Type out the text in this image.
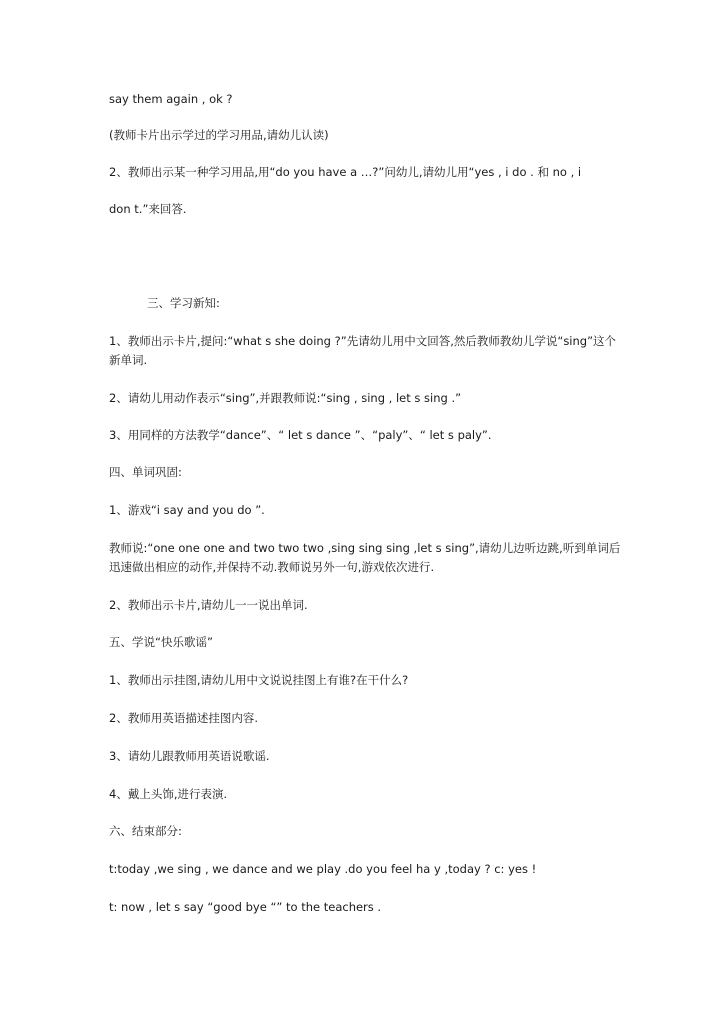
say them again , ok ?
(教师卡片出示学过的学习用品,请幼儿认读)
2、教师出示某一种学习用品,用“do you have a …?”问幼儿,请幼儿用“yes , i do . 和 no , i
don t.”来回答.
三、学习新知:
1、教师出示卡片,提问:“what s she doing ?”先请幼儿用中文回答,然后教师教幼儿学说“sing”这个新单词.
2、请幼儿用动作表示“sing”,并跟教师说:“sing , sing , let s sing .”
3、用同样的方法教学“dance”、“ let s dance ”、“paly”、“ let s paly”.
四、单词巩固:
1、游戏“i say and you do ”.
教师说:“one one one and two two two ,sing sing sing ,let s sing”,请幼儿边听边跳,听到单词后迅速做出相应的动作,并保持不动.教师说另外一句,游戏依次进行.
2、教师出示卡片,请幼儿一一说出单词.
五、学说“快乐歌谣”
1、教师出示挂图,请幼儿用中文说说挂图上有谁?在干什么?
2、教师用英语描述挂图内容.
3、请幼儿跟教师用英语说歌谣.
4、戴上头饰,进行表演.
六、结束部分:
t:today ,we sing , we dance and we play .do you feel ha y ,today ? c: yes !
t: now , let s say “good bye “” to the teachers .
